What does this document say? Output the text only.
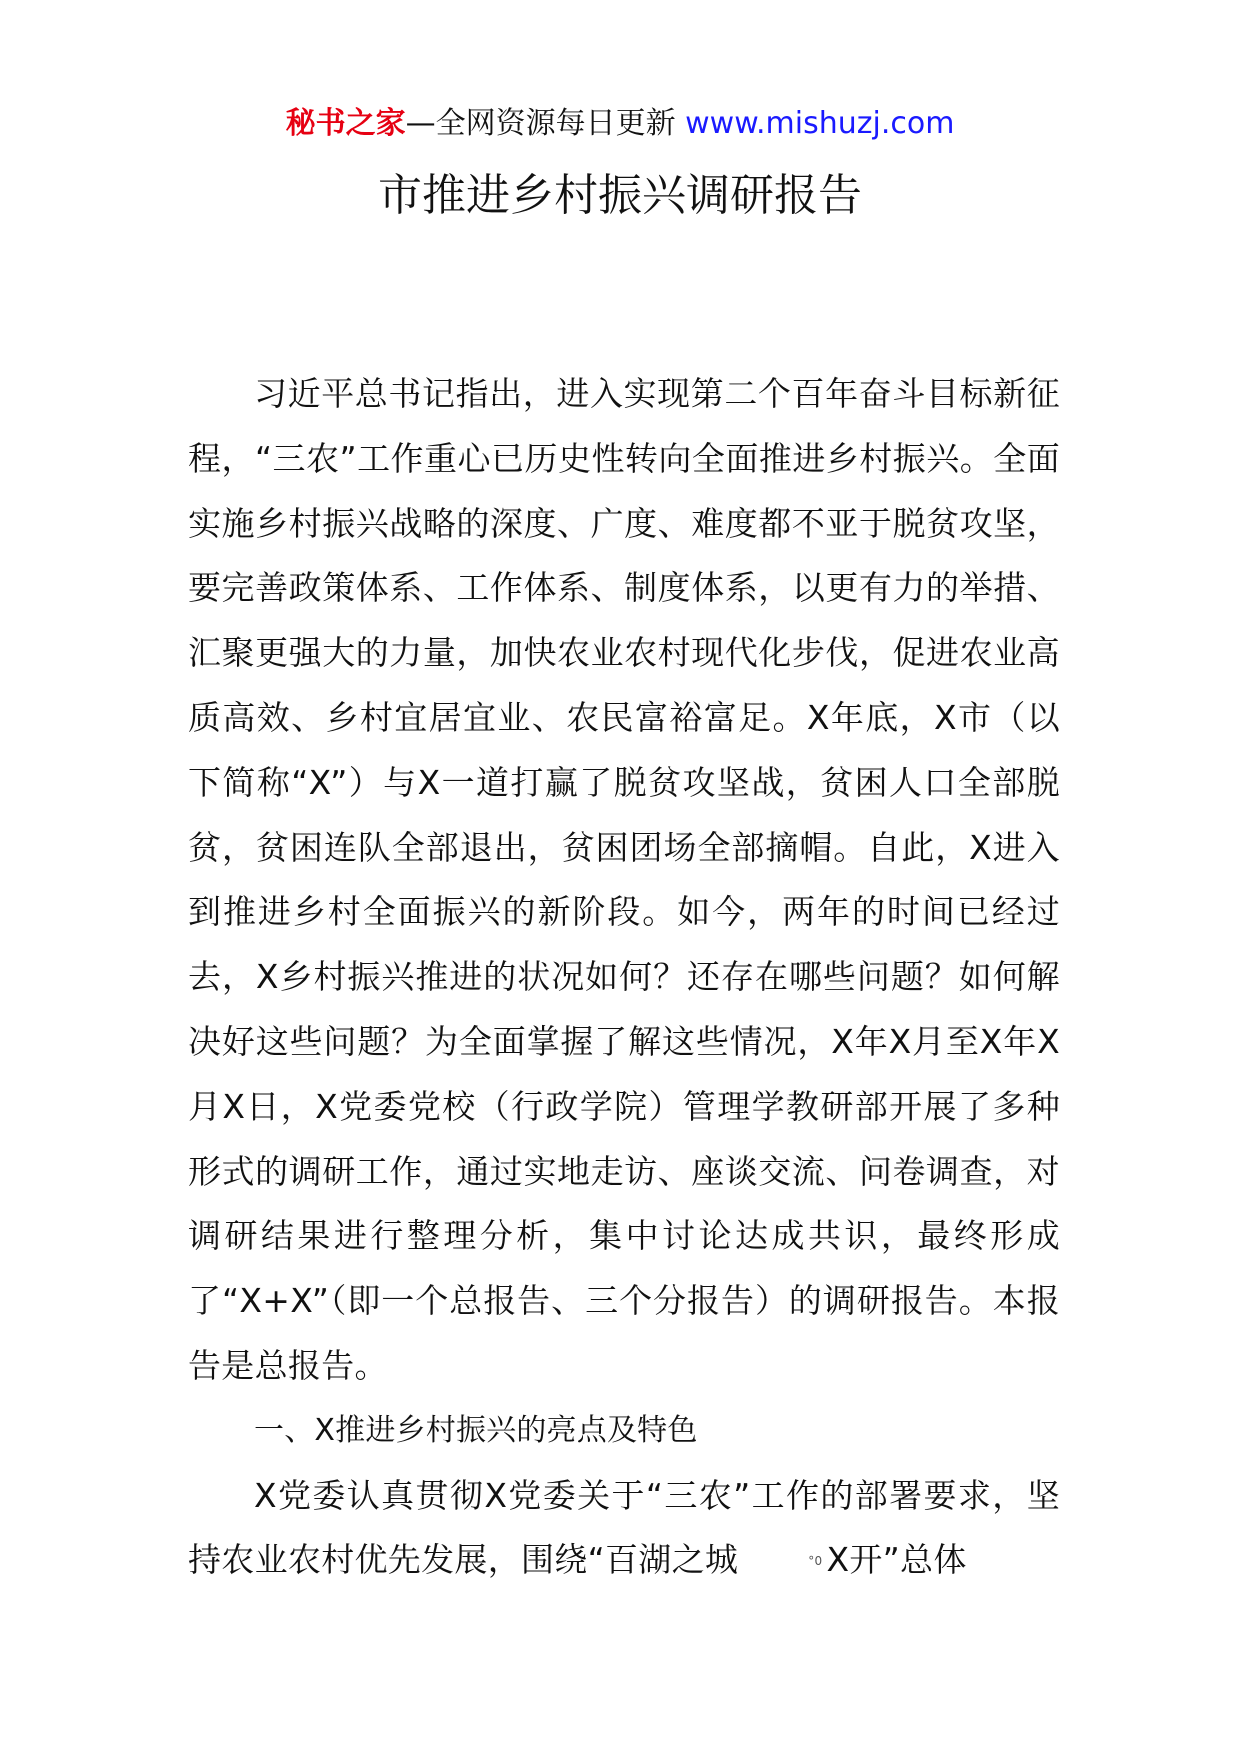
秘书之家—全网资源每日更新 www.mishuzj.com
市推进乡村振兴调研报告

习近平总书记指出，进入实现第二个百年奋斗目标新征程，“三农”工作重心已历史性转向全面推进乡村振兴。全面实施乡村振兴战略的深度、广度、难度都不亚于脱贫攻坚，要完善政策体系、工作体系、制度体系，以更有力的举措、汇聚更强大的力量，加快农业农村现代化步伐，促进农业高质高效、乡村宜居宜业、农民富裕富足。X年底，X市（以下简称“X”）与X一道打赢了脱贫攻坚战，贫困人口全部脱贫，贫困连队全部退出，贫困团场全部摘帽。自此，X进入到推进乡村全面振兴的新阶段。如今，两年的时间已经过去，X乡村振兴推进的状况如何？还存在哪些问题？如何解决好这些问题？为全面掌握了解这些情况，X年X月至X年X月X日，X党委党校（行政学院）管理学教研部开展了多种形式的调研工作，通过实地走访、座谈交流、问卷调查，对调研结果进行整理分析，集中讨论达成共识，最终形成了“X+X”（即一个总报告、三个分报告）的调研报告。本报告是总报告。

一、X推进乡村振兴的亮点及特色

X党委认真贯彻X党委关于“三农”工作的部署要求，坚持农业农村优先发展，围绕“百湖之城	°0 X开”总体
